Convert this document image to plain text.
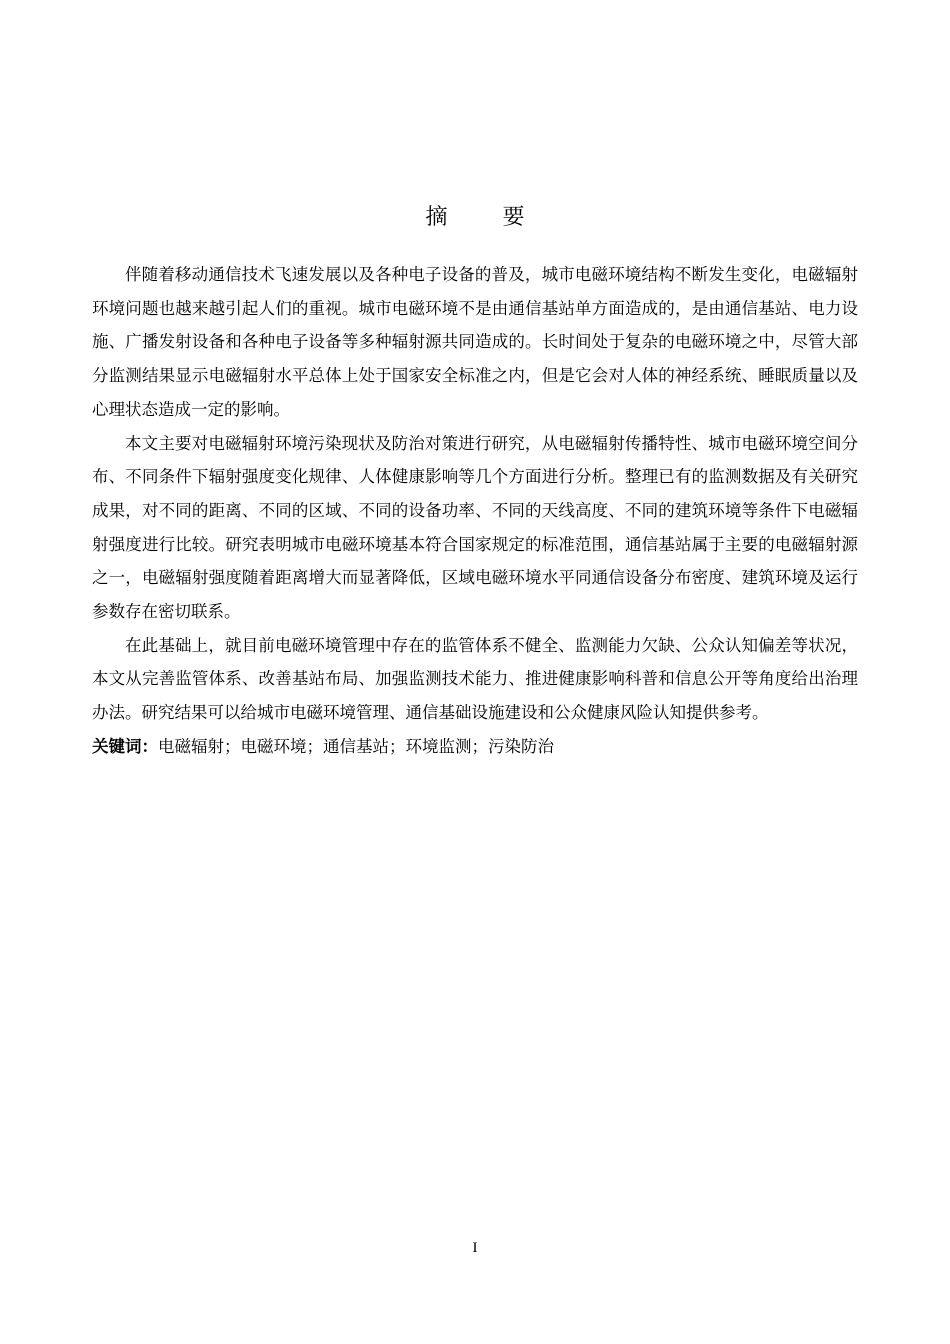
摘 要

伴随着移动通信技术飞速发展以及各种电子设备的普及，城市电磁环境结构不断发生变化，电磁辐射环境问题也越来越引起人们的重视。城市电磁环境不是由通信基站单方面造成的，是由通信基站、电力设施、广播发射设备和各种电子设备等多种辐射源共同造成的。长时间处于复杂的电磁环境之中，尽管大部分监测结果显示电磁辐射水平总体上处于国家安全标准之内，但是它会对人体的神经系统、睡眠质量以及心理状态造成一定的影响。

本文主要对电磁辐射环境污染现状及防治对策进行研究，从电磁辐射传播特性、城市电磁环境空间分布、不同条件下辐射强度变化规律、人体健康影响等几个方面进行分析。整理已有的监测数据及有关研究成果，对不同的距离、不同的区域、不同的设备功率、不同的天线高度、不同的建筑环境等条件下电磁辐射强度进行比较。研究表明城市电磁环境基本符合国家规定的标准范围，通信基站属于主要的电磁辐射源之一，电磁辐射强度随着距离增大而显著降低，区域电磁环境水平同通信设备分布密度、建筑环境及运行参数存在密切联系。

在此基础上，就目前电磁环境管理中存在的监管体系不健全、监测能力欠缺、公众认知偏差等状况，本文从完善监管体系、改善基站布局、加强监测技术能力、推进健康影响科普和信息公开等角度给出治理办法。研究结果可以给城市电磁环境管理、通信基础设施建设和公众健康风险认知提供参考。

关键词：电磁辐射；电磁环境；通信基站；环境监测；污染防治

I
